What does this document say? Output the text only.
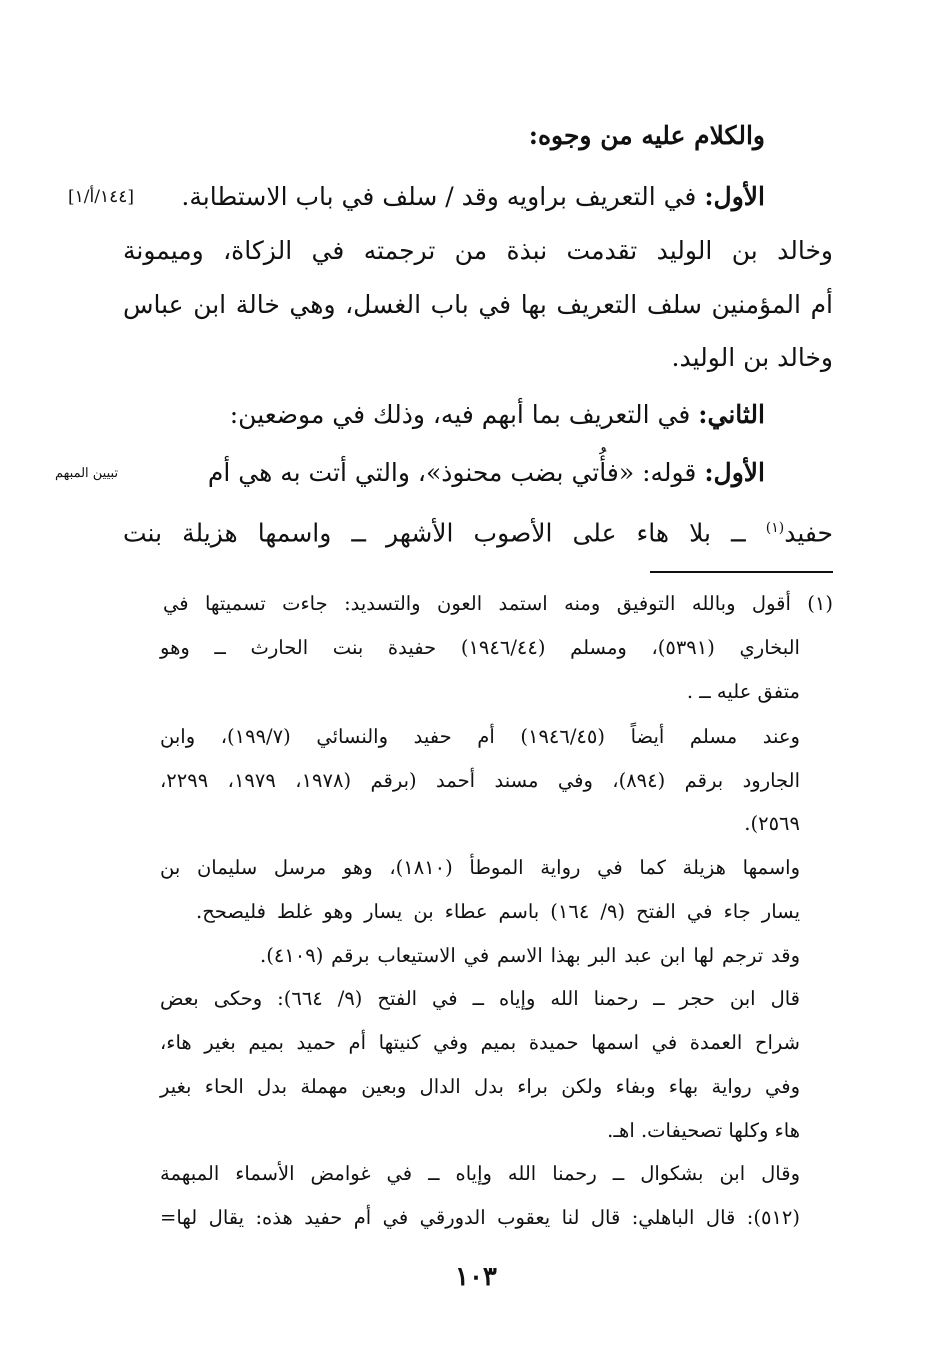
والكلام عليه من وجوه:
الأول: في التعريف براويه وقد / سلف في باب الاستطابة.
[١٤٤/أ/١]
وخالد بن الوليد تقدمت نبذة من ترجمته في الزكاة، وميمونة
أم المؤمنين سلف التعريف بها في باب الغسل، وهي خالة ابن عباس
وخالد بن الوليد.
الثاني: في التعريف بما أبهم فيه، وذلك في موضعين:
الأول: قوله: «فأُتي بضب محنوذ»، والتي أتت به هي أم
تبيين المبهم
حفيد$^{(١)}$ ــ بلا هاء على الأصوب الأشهر ــ واسمها هزيلة بنت
(١) أقول وبالله التوفيق ومنه استمد العون والتسديد: جاءت تسميتها في
البخاري (٥٣٩١)، ومسلم (١٩٤٦/٤٤) حفيدة بنت الحارث ــ وهو
متفق عليه ــ .
وعند مسلم أيضاً (١٩٤٦/٤٥) أم حفيد والنسائي (١٩٩/٧)، وابن
الجارود برقم (٨٩٤)، وفي مسند أحمد (برقم (١٩٧٨، ١٩٧٩، ٢٢٩٩،
٢٥٦٩).
واسمها هزيلة كما في رواية الموطأ (١٨١٠)، وهو مرسل سليمان بن
يسار جاء في الفتح (٩/ ١٦٤) باسم عطاء بن يسار وهو غلط فليصحح.
وقد ترجم لها ابن عبد البر بهذا الاسم في الاستيعاب برقم (٤١٠٩).
قال ابن حجر ــ رحمنا الله وإياه ــ في الفتح (٩/ ٦٦٤): وحكى بعض
شراح العمدة في اسمها حميدة بميم وفي كنيتها أم حميد بميم بغير هاء،
وفي رواية بهاء وبفاء ولكن براء بدل الدال وبعين مهملة بدل الحاء بغير
هاء وكلها تصحيفات. اهـ.
وقال ابن بشكوال ــ رحمنا الله وإياه ــ في غوامض الأسماء المبهمة
(٥١٢): قال الباهلي: قال لنا يعقوب الدورقي في أم حفيد هذه: يقال لها=
١٠٣
